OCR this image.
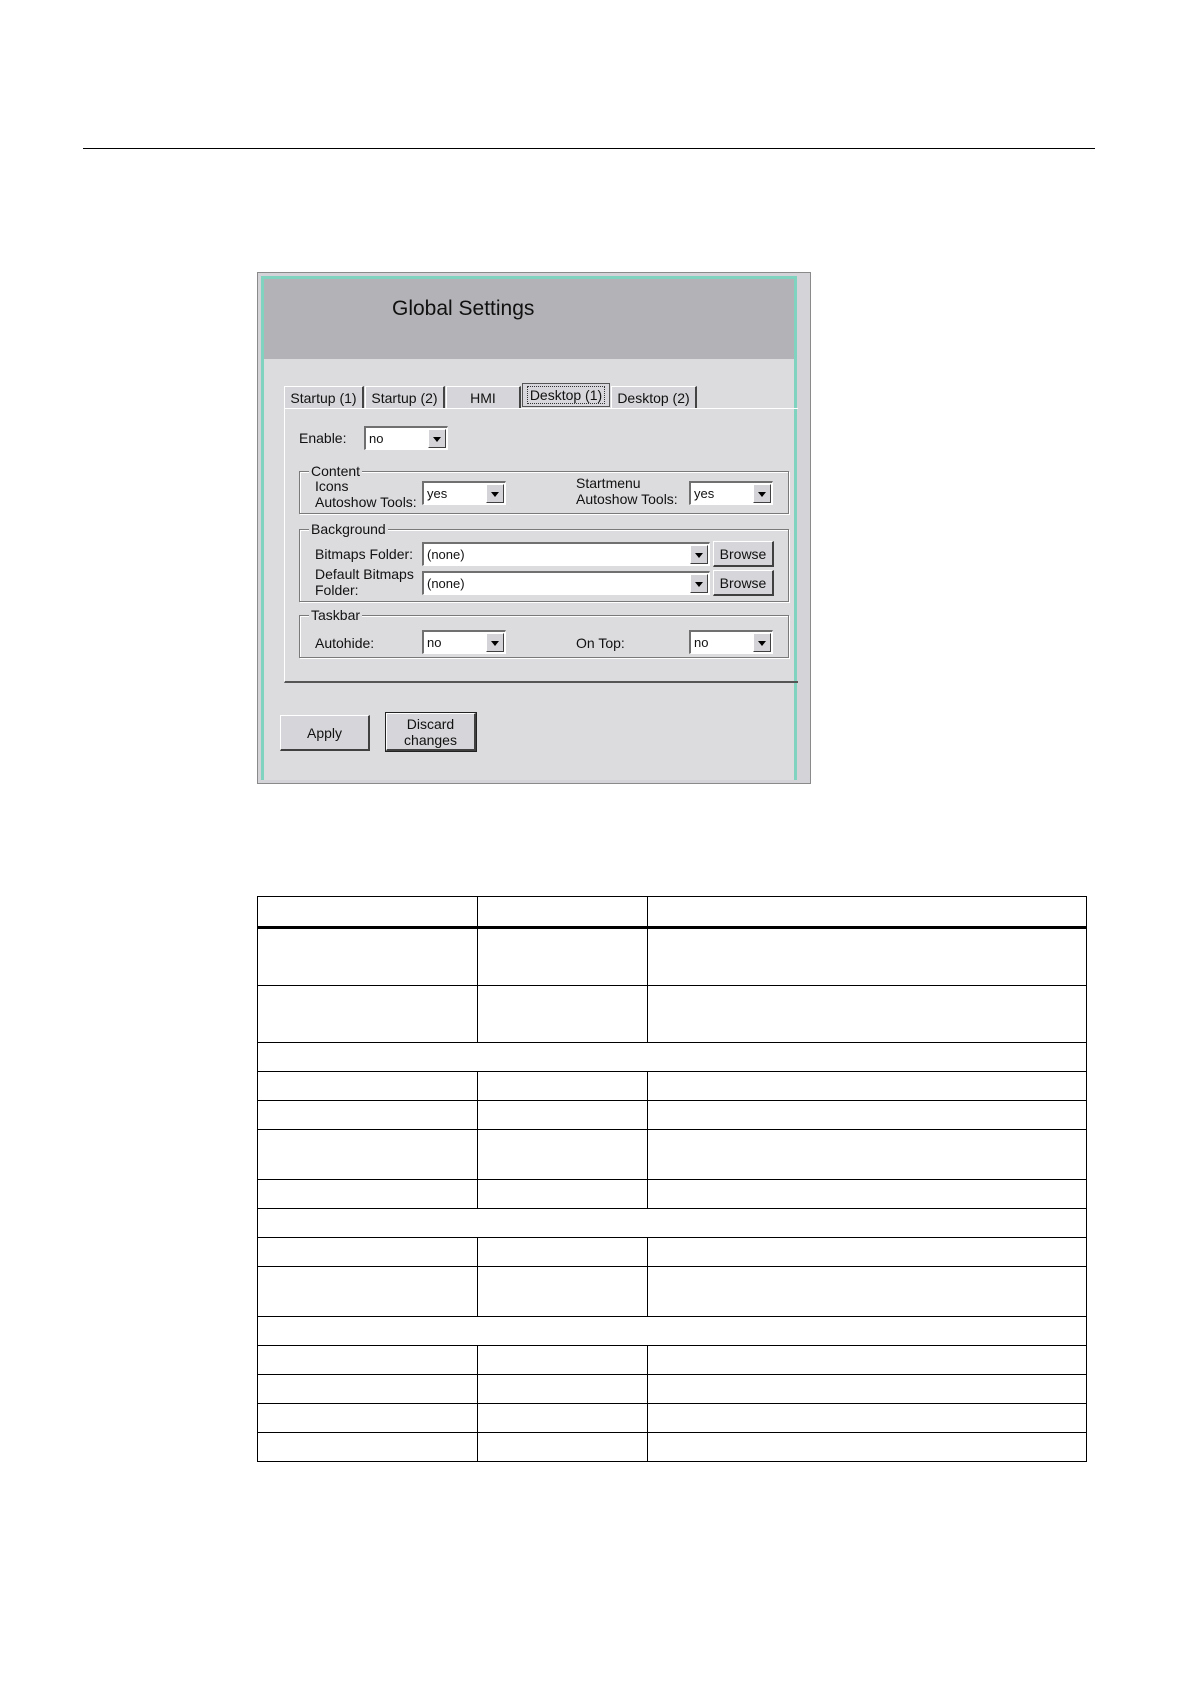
Global Settings
Startup (1)	Startup (2)	HMI	Desktop (1)	Desktop (2)
Enable: no
Content
Icons
Autoshow Tools:
yes
Startmenu
Autoshow Tools: yes
Background
Bitmaps Folder: (none)	Browse
Default Bitmaps
Folder:	(none)	Browse
Taskbar
Autohide:	no	On Top:	no
Apply
Discard
changes
